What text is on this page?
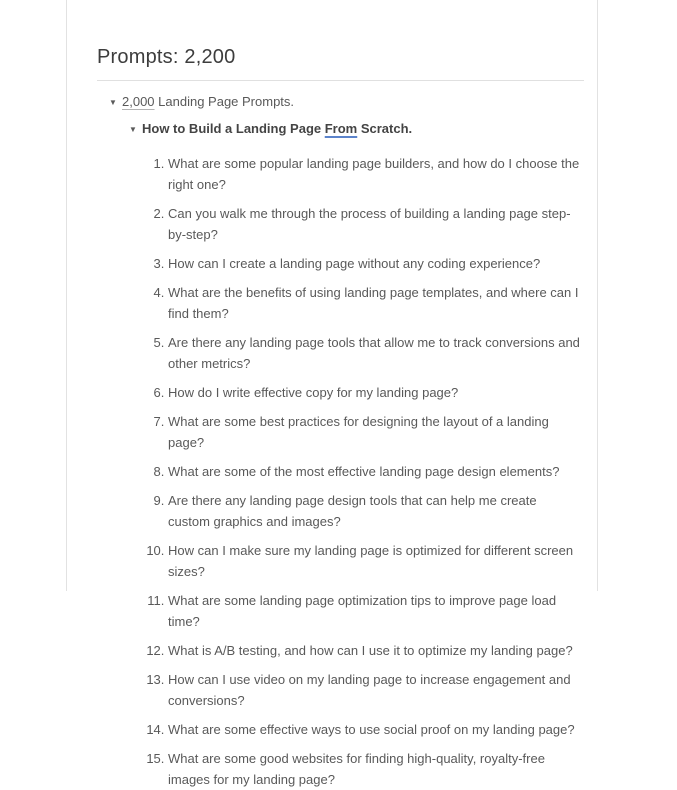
Prompts: 2,200
▼ 2,000 Landing Page Prompts.
▼ How to Build a Landing Page From Scratch.
1. What are some popular landing page builders, and how do I choose the right one?
2. Can you walk me through the process of building a landing page step-by-step?
3. How can I create a landing page without any coding experience?
4. What are the benefits of using landing page templates, and where can I find them?
5. Are there any landing page tools that allow me to track conversions and other metrics?
6. How do I write effective copy for my landing page?
7. What are some best practices for designing the layout of a landing page?
8. What are some of the most effective landing page design elements?
9. Are there any landing page design tools that can help me create custom graphics and images?
10. How can I make sure my landing page is optimized for different screen sizes?
11. What are some landing page optimization tips to improve page load time?
12. What is A/B testing, and how can I use it to optimize my landing page?
13. How can I use video on my landing page to increase engagement and conversions?
14. What are some effective ways to use social proof on my landing page?
15. What are some good websites for finding high-quality, royalty-free images for my landing page?
